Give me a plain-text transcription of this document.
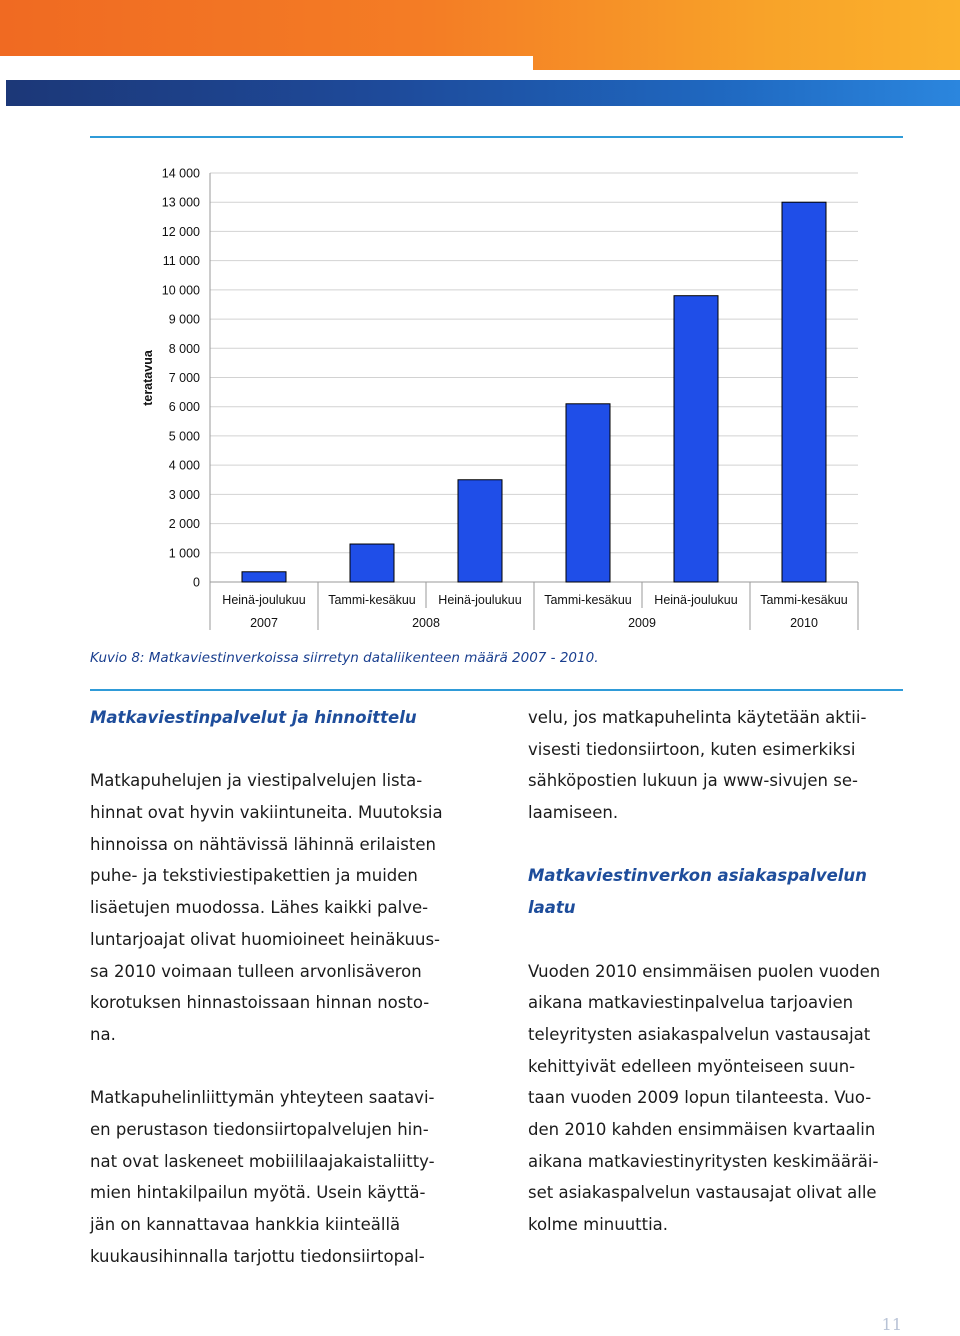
0
1 000
2 000
3 000
4 000
5 000
6 000
7 000
8 000
9 000
10 000
11 000
12 000
13 000
14 000
teratavua
Heinä-joulukuu Tammi-kesäkuu Heinä-joulukuu Tammi-kesäkuu Heinä-joulukuu Tammi-kesäkuu
2007	2008	2009	2010
Kuvio 8: Matkaviestinverkoissa siirretyn dataliikenteen määrä 2007 - 2010.
Matkaviestinpalvelut ja hinnoittelu
Matkapuhelujen ja viestipalvelujen lista-
hinnat ovat hyvin vakiintuneita. Muutoksia
hinnoissa on nähtävissä lähinnä erilaisten
puhe- ja tekstiviestipakettien ja muiden
lisäetujen muodossa. Lähes kaikki palve-
luntarjoajat olivat huomioineet heinäkuus-
sa 2010 voimaan tulleen arvonlisäveron
korotuksen hinnastoissaan hinnan nosto-
na.
Matkapuhelinliittymän yhteyteen saatavi-
en perustason tiedonsiirtopalvelujen hin-
nat ovat laskeneet mobiililaajakaistaliitty-
mien hintakilpailun myötä. Usein käyttä-
jän on kannattavaa hankkia kiinteällä
kuukausihinnalla tarjottu tiedonsiirtopal-
velu, jos matkapuhelinta käytetään aktii-
visesti tiedonsiirtoon, kuten esimerkiksi
sähköpostien lukuun ja www-sivujen se-
laamiseen.
Matkaviestinverkon asiakaspalvelun
laatu
Vuoden 2010 ensimmäisen puolen vuoden
aikana matkaviestinpalvelua tarjoavien
teleyritysten asiakaspalvelun vastausajat
kehittyivät edelleen myönteiseen suun-
taan vuoden 2009 lopun tilanteesta. Vuo-
den 2010 kahden ensimmäisen kvartaalin
aikana matkaviestinyritysten keskimääräi-
set asiakaspalvelun vastausajat olivat alle
kolme minuuttia.
11
